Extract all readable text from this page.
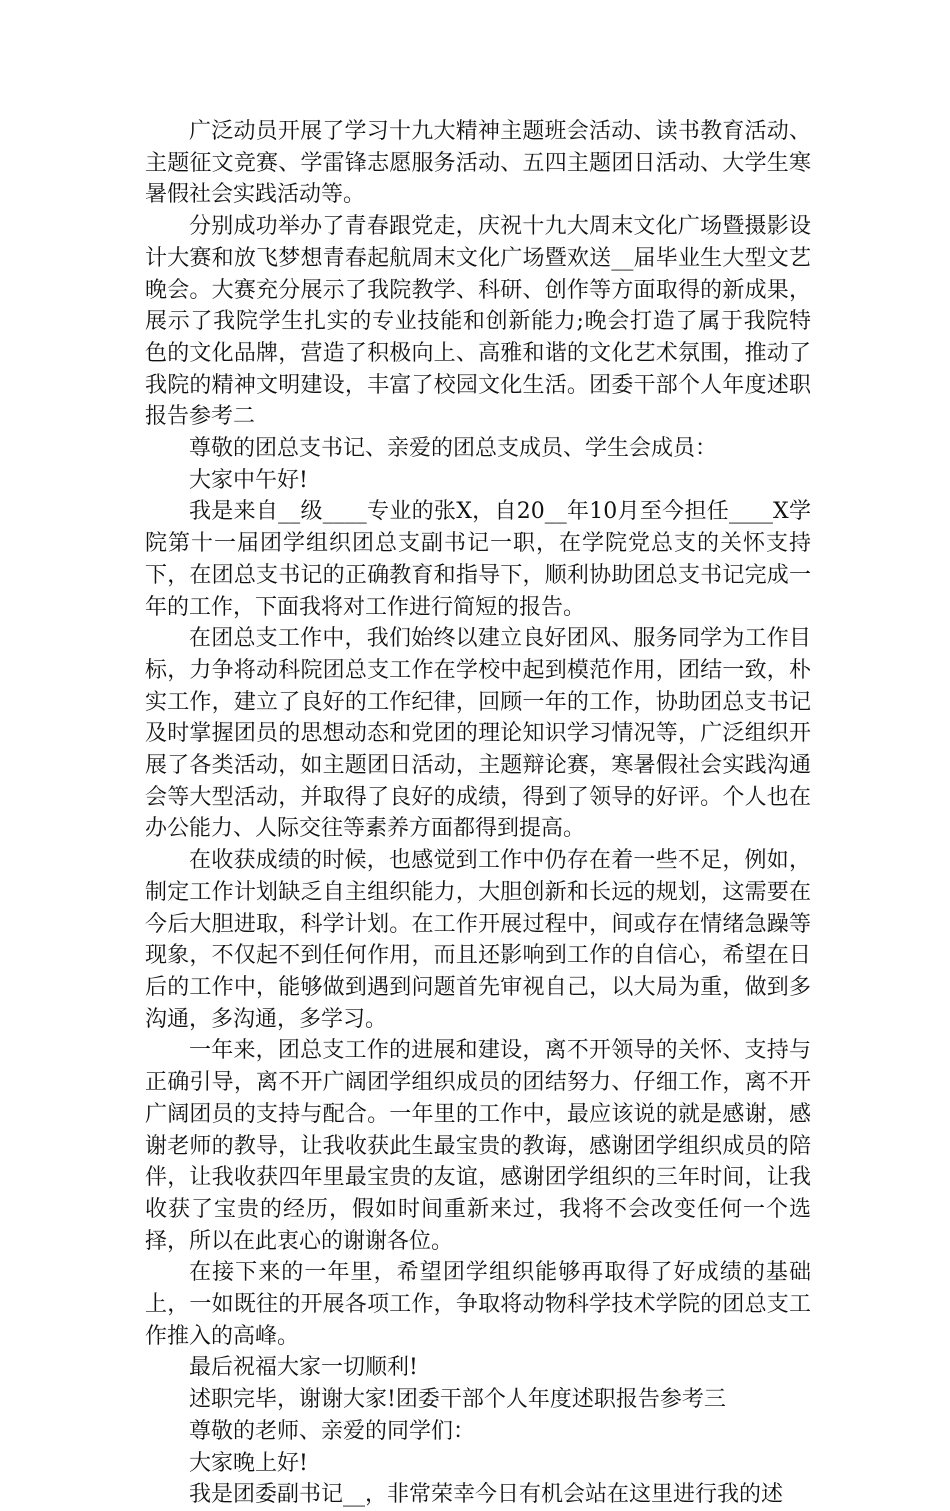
广泛动员开展了学习十九大精神主题班会活动、读书教育活动、主题征文竞赛、学雷锋志愿服务活动、五四主题团日活动、大学生寒暑假社会实践活动等。

分别成功举办了青春跟党走，庆祝十九大周末文化广场暨摄影设计大赛和放飞梦想青春起航周末文化广场暨欢送__届毕业生大型文艺晚会。大赛充分展示了我院教学、科研、创作等方面取得的新成果，展示了我院学生扎实的专业技能和创新能力;晚会打造了属于我院特色的文化品牌，营造了积极向上、高雅和谐的文化艺术氛围，推动了我院的精神文明建设，丰富了校园文化生活。团委干部个人年度述职报告参考二

尊敬的团总支书记、亲爱的团总支成员、学生会成员：

大家中午好!

我是来自__级____专业的张X，自20__年10月至今担任____X学院第十一届团学组织团总支副书记一职，在学院党总支的关怀支持下，在团总支书记的正确教育和指导下，顺利协助团总支书记完成一年的工作，下面我将对工作进行简短的报告。

在团总支工作中，我们始终以建立良好团风、服务同学为工作目标，力争将动科院团总支工作在学校中起到模范作用，团结一致，朴实工作，建立了良好的工作纪律，回顾一年的工作，协助团总支书记及时掌握团员的思想动态和党团的理论知识学习情况等，广泛组织开展了各类活动，如主题团日活动，主题辩论赛，寒暑假社会实践沟通会等大型活动，并取得了良好的成绩，得到了领导的好评。个人也在办公能力、人际交往等素养方面都得到提高。

在收获成绩的时候，也感觉到工作中仍存在着一些不足，例如，制定工作计划缺乏自主组织能力，大胆创新和长远的规划，这需要在今后大胆进取，科学计划。在工作开展过程中，间或存在情绪急躁等现象，不仅起不到任何作用，而且还影响到工作的自信心，希望在日后的工作中，能够做到遇到问题首先审视自己，以大局为重，做到多沟通，多沟通，多学习。

一年来，团总支工作的进展和建设，离不开领导的关怀、支持与正确引导，离不开广阔团学组织成员的团结努力、仔细工作，离不开广阔团员的支持与配合。一年里的工作中，最应该说的就是感谢，感谢老师的教导，让我收获此生最宝贵的教诲，感谢团学组织成员的陪伴，让我收获四年里最宝贵的友谊，感谢团学组织的三年时间，让我收获了宝贵的经历，假如时间重新来过，我将不会改变任何一个选择，所以在此衷心的谢谢各位。

在接下来的一年里，希望团学组织能够再取得了好成绩的基础上，一如既往的开展各项工作，争取将动物科学技术学院的团总支工作推入的高峰。

最后祝福大家一切顺利!

述职完毕，谢谢大家!团委干部个人年度述职报告参考三

尊敬的老师、亲爱的同学们：

大家晚上好!

我是团委副书记__，非常荣幸今日有机会站在这里进行我的述
